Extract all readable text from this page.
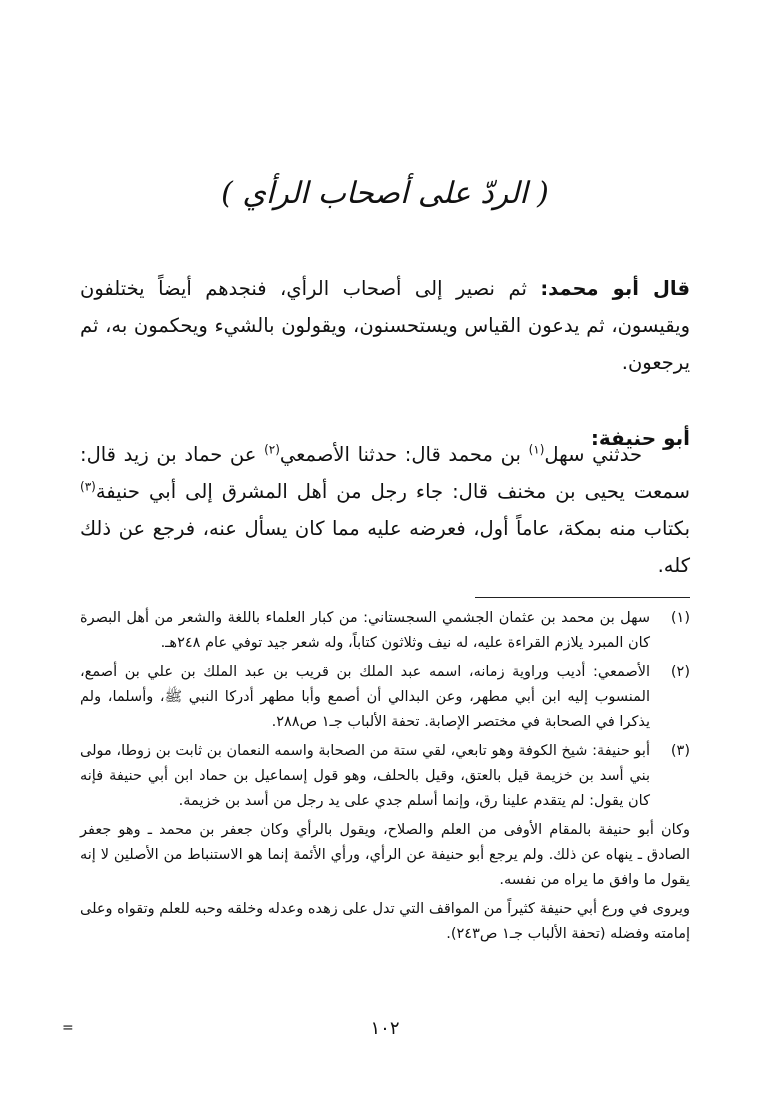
( الردّ على أصحاب الرأي )

قال أبو محمد: ثم نصير إلى أصحاب الرأي، فنجدهم أيضاً يختلفون ويقيسون، ثم يدعون القياس ويستحسنون، ويقولون بالشيء ويحكمون به، ثم يرجعون.

أبو حنيفة:

حدثني سهل$^{(١)}$ بن محمد قال: حدثنا الأصمعي$^{(٢)}$ عن حماد بن زيد قال: سمعت يحيى بن مخنف قال: جاء رجل من أهل المشرق إلى أبي حنيفة$^{(٣)}$ بكتاب منه بمكة، عاماً أول، فعرضه عليه مما كان يسأل عنه، فرجع عن ذلك كله.

(١)

سهل بن محمد بن عثمان الجشمي السجستاني: من كبار العلماء باللغة والشعر من أهل البصرة كان المبرد يلازم القراءة عليه، له نيف وثلاثون كتاباً، وله شعر جيد توفي عام ٢٤٨هـ.

(٢)

الأصمعي: أديب وراوية زمانه، اسمه عبد الملك بن قريب بن عبد الملك بن علي بن أصمع، المنسوب إليه ابن أبي مطهر، وعن البدالي أن أصمع وأبا مطهر أدركا النبي ﷺ، وأسلما، ولم يذكرا في الصحابة في مختصر الإصابة. تحفة الألباب جـ١ ص٢٨٨.

(٣)

أبو حنيفة: شيخ الكوفة وهو تابعي، لقي ستة من الصحابة واسمه النعمان بن ثابت بن زوطا، مولى بني أسد بن خزيمة قيل بالعتق، وقيل بالحلف، وهو قول إسماعيل بن حماد ابن أبي حنيفة فإنه كان يقول: لم يتقدم علينا رق، وإنما أسلم جدي على يد رجل من أسد بن خزيمة.

وكان أبو حنيفة بالمقام الأوفى من العلم والصلاح، ويقول بالرأي وكان جعفر بن محمد ـ وهو جعفر الصادق ـ ينهاه عن ذلك. ولم يرجع أبو حنيفة عن الرأي، ورأي الأئمة إنما هو الاستنباط من الأصلين لا إنه يقول ما وافق ما يراه من نفسه.

ويروى في ورع أبي حنيفة كثيراً من المواقف التي تدل على زهده وعدله وخلقه وحبه للعلم وتقواه وعلى إمامته وفضله (تحفة الألباب جـ١ ص٢٤٣).

=	١٠٢
